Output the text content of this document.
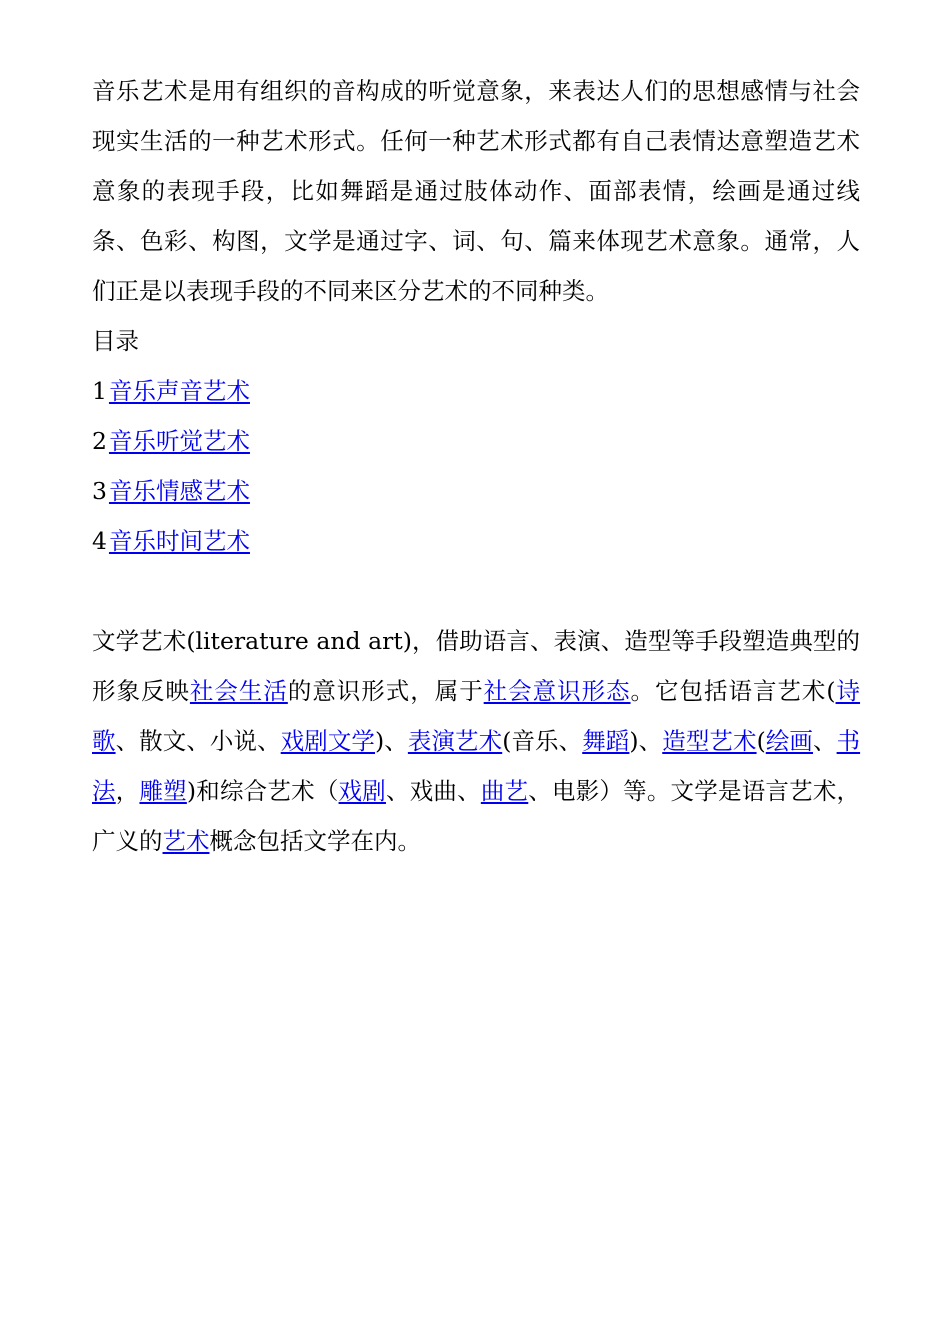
音乐艺术是用有组织的音构成的听觉意象，来表达人们的思想感情与社会现实生活的一种艺术形式。任何一种艺术形式都有自己表情达意塑造艺术意象的表现手段，比如舞蹈是通过肢体动作、面部表情，绘画是通过线条、色彩、构图，文学是通过字、词、句、篇来体现艺术意象。通常，人们正是以表现手段的不同来区分艺术的不同种类。

目录

1音乐声音艺术

2音乐听觉艺术

3音乐情感艺术

4音乐时间艺术

文学艺术(literature and art)，借助语言、表演、造型等手段塑造典型的形象反映社会生活的意识形式，属于社会意识形态。它包括语言艺术(诗歌、散文、小说、戏剧文学)、表演艺术(音乐、舞蹈)、造型艺术(绘画、书法，雕塑)和综合艺术（戏剧、戏曲、曲艺、电影）等。文学是语言艺术，广义的艺术概念包括文学在内。
